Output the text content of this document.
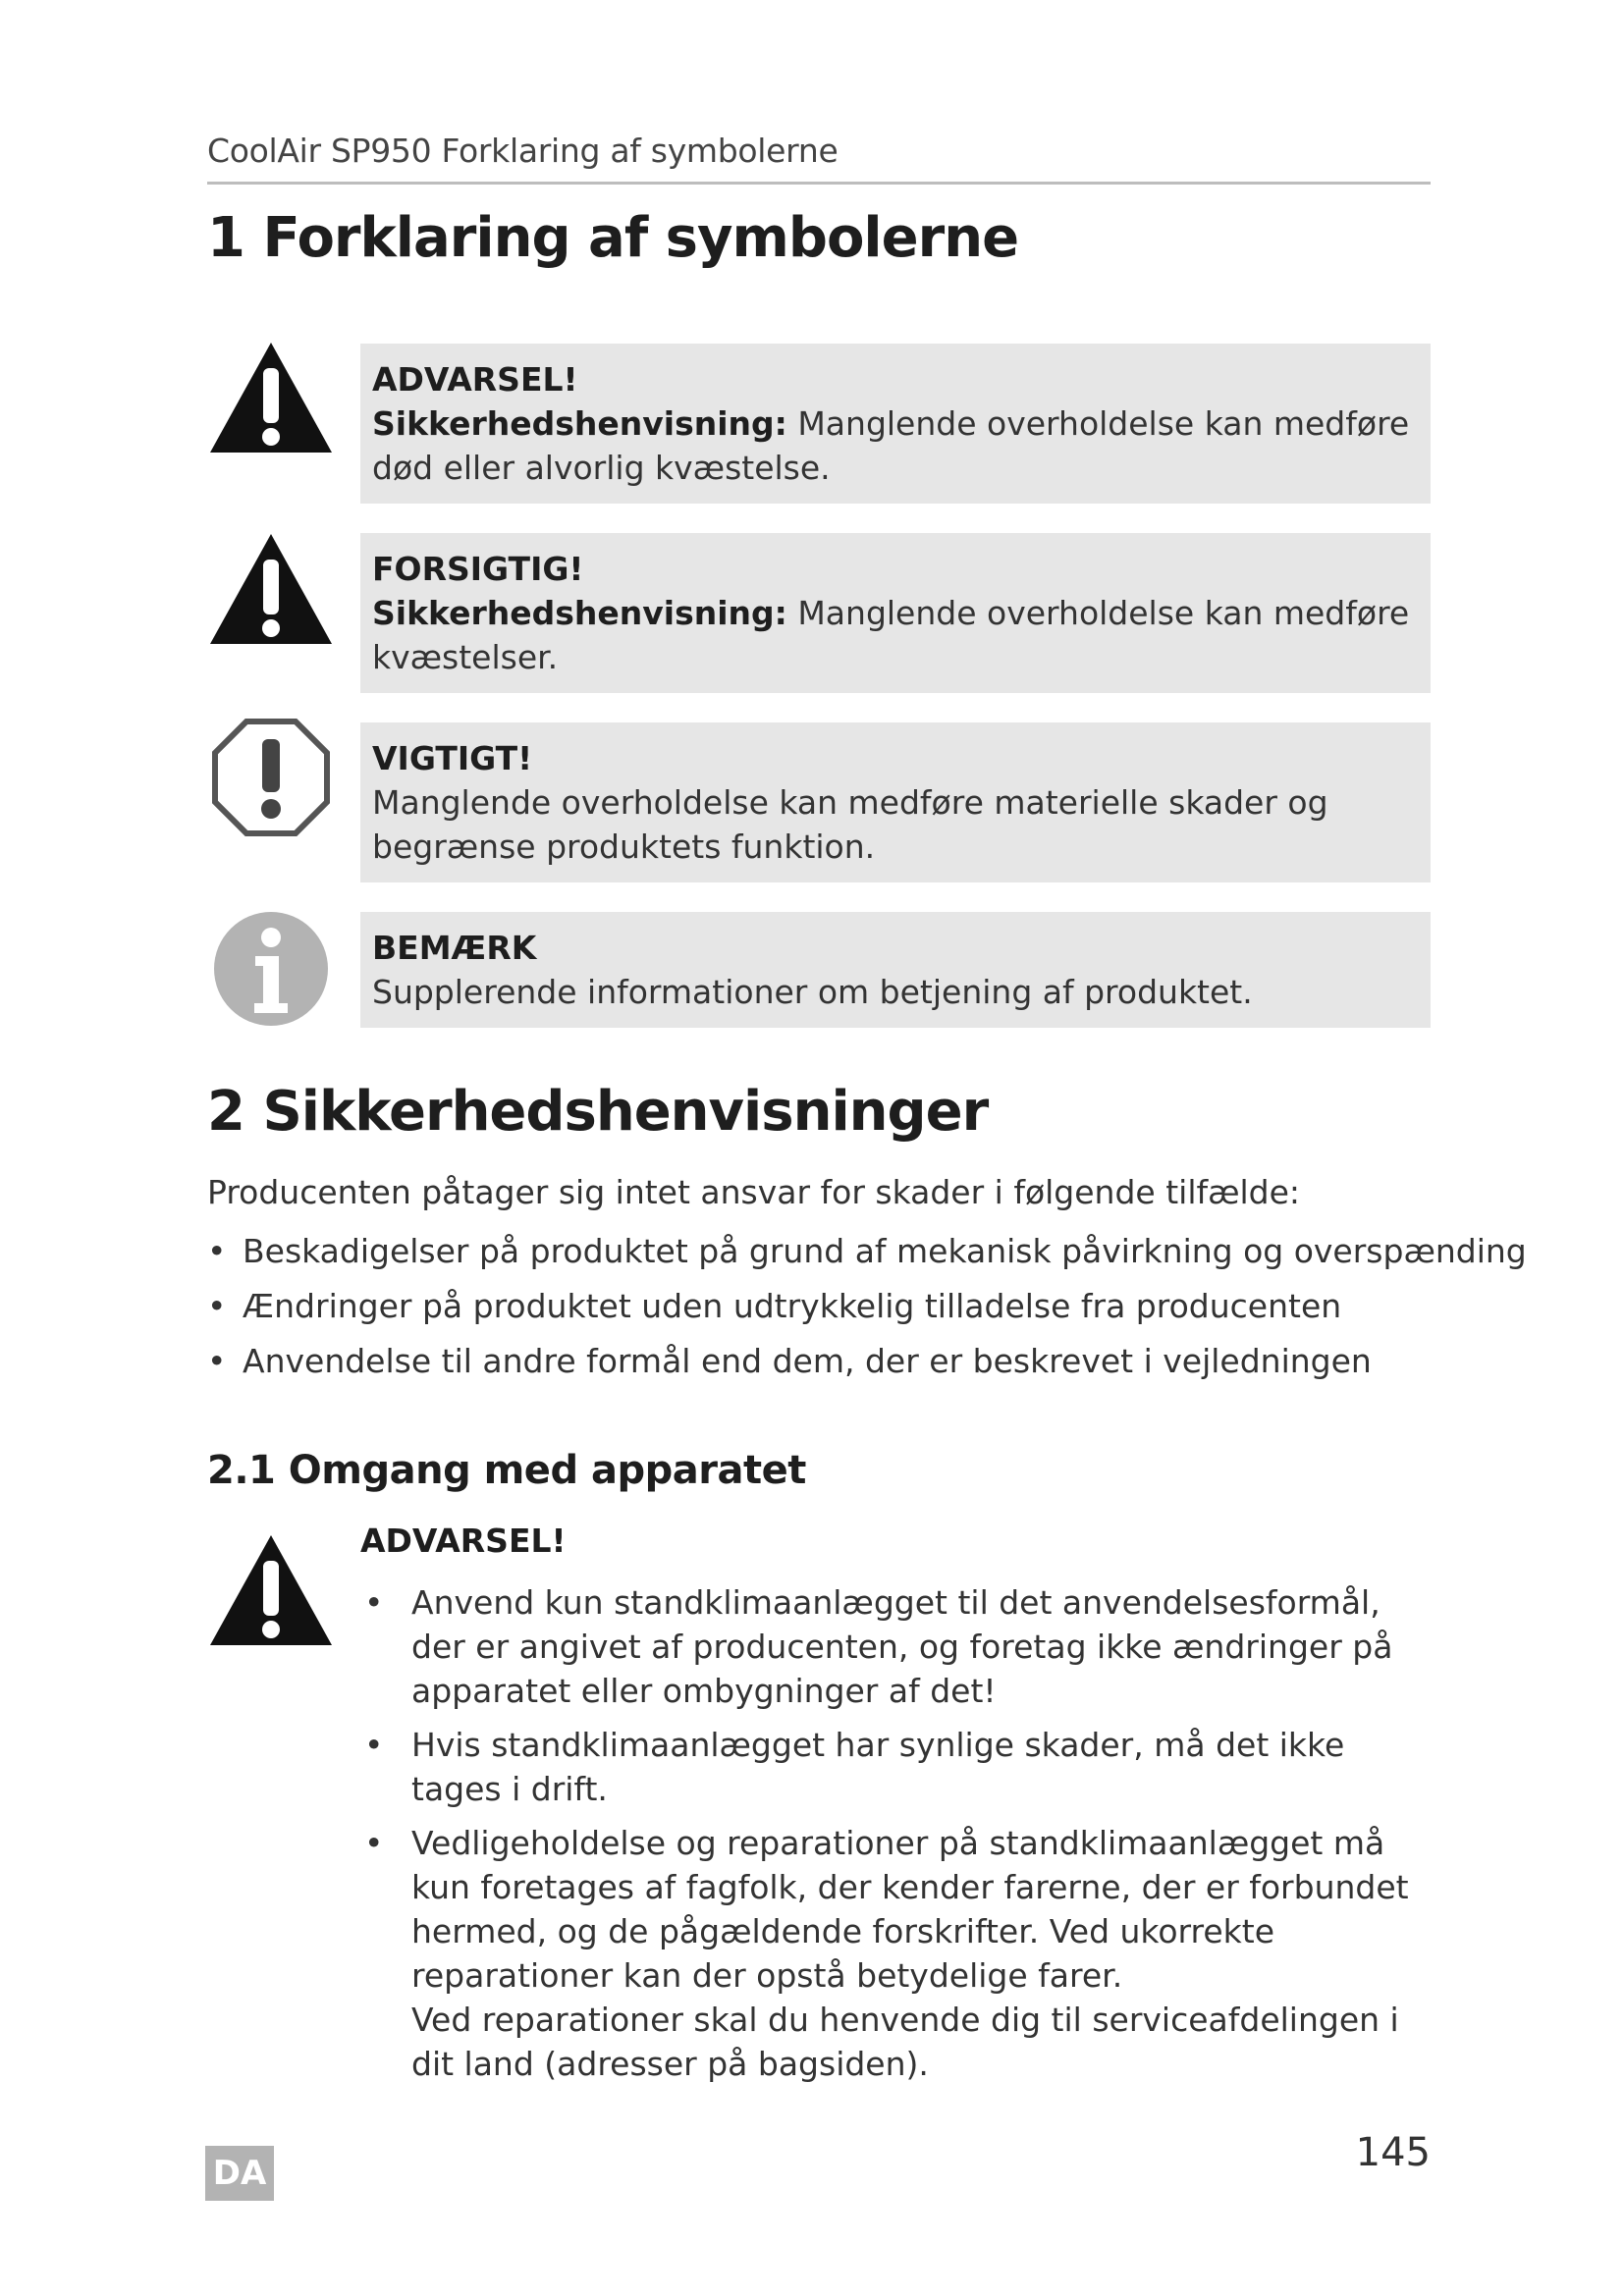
CoolAir SP950 Forklaring af symbolerne
1 Forklaring af symbolerne
ADVARSEL!
Sikkerhedshenvisning: Manglende overholdelse kan medføre død eller alvorlig kvæstelse.
FORSIGTIG!
Sikkerhedshenvisning: Manglende overholdelse kan medføre kvæstelser.
VIGTIGT!
Manglende overholdelse kan medføre materielle skader og begrænse produktets funktion.
BEMÆRK
Supplerende informationer om betjening af produktet.
2 Sikkerhedshenvisninger
Producenten påtager sig intet ansvar for skader i følgende tilfælde:
• Beskadigelser på produktet på grund af mekanisk påvirkning og overspænding
• Ændringer på produktet uden udtrykkelig tilladelse fra producenten
• Anvendelse til andre formål end dem, der er beskrevet i vejledningen
2.1 Omgang med apparatet
ADVARSEL!
• Anvend kun standklimaanlægget til det anvendelsesformål, der er angivet af producenten, og foretag ikke ændringer på apparatet eller ombygninger af det!
• Hvis standklimaanlægget har synlige skader, må det ikke tages i drift.
• Vedligeholdelse og reparationer på standklimaanlægget må kun foretages af fagfolk, der kender farerne, der er forbundet hermed, og de pågældende forskrifter. Ved ukorrekte reparationer kan der opstå betydelige farer.
Ved reparationer skal du henvende dig til serviceafdelingen i dit land (adresser på bagsiden).
DA	145
